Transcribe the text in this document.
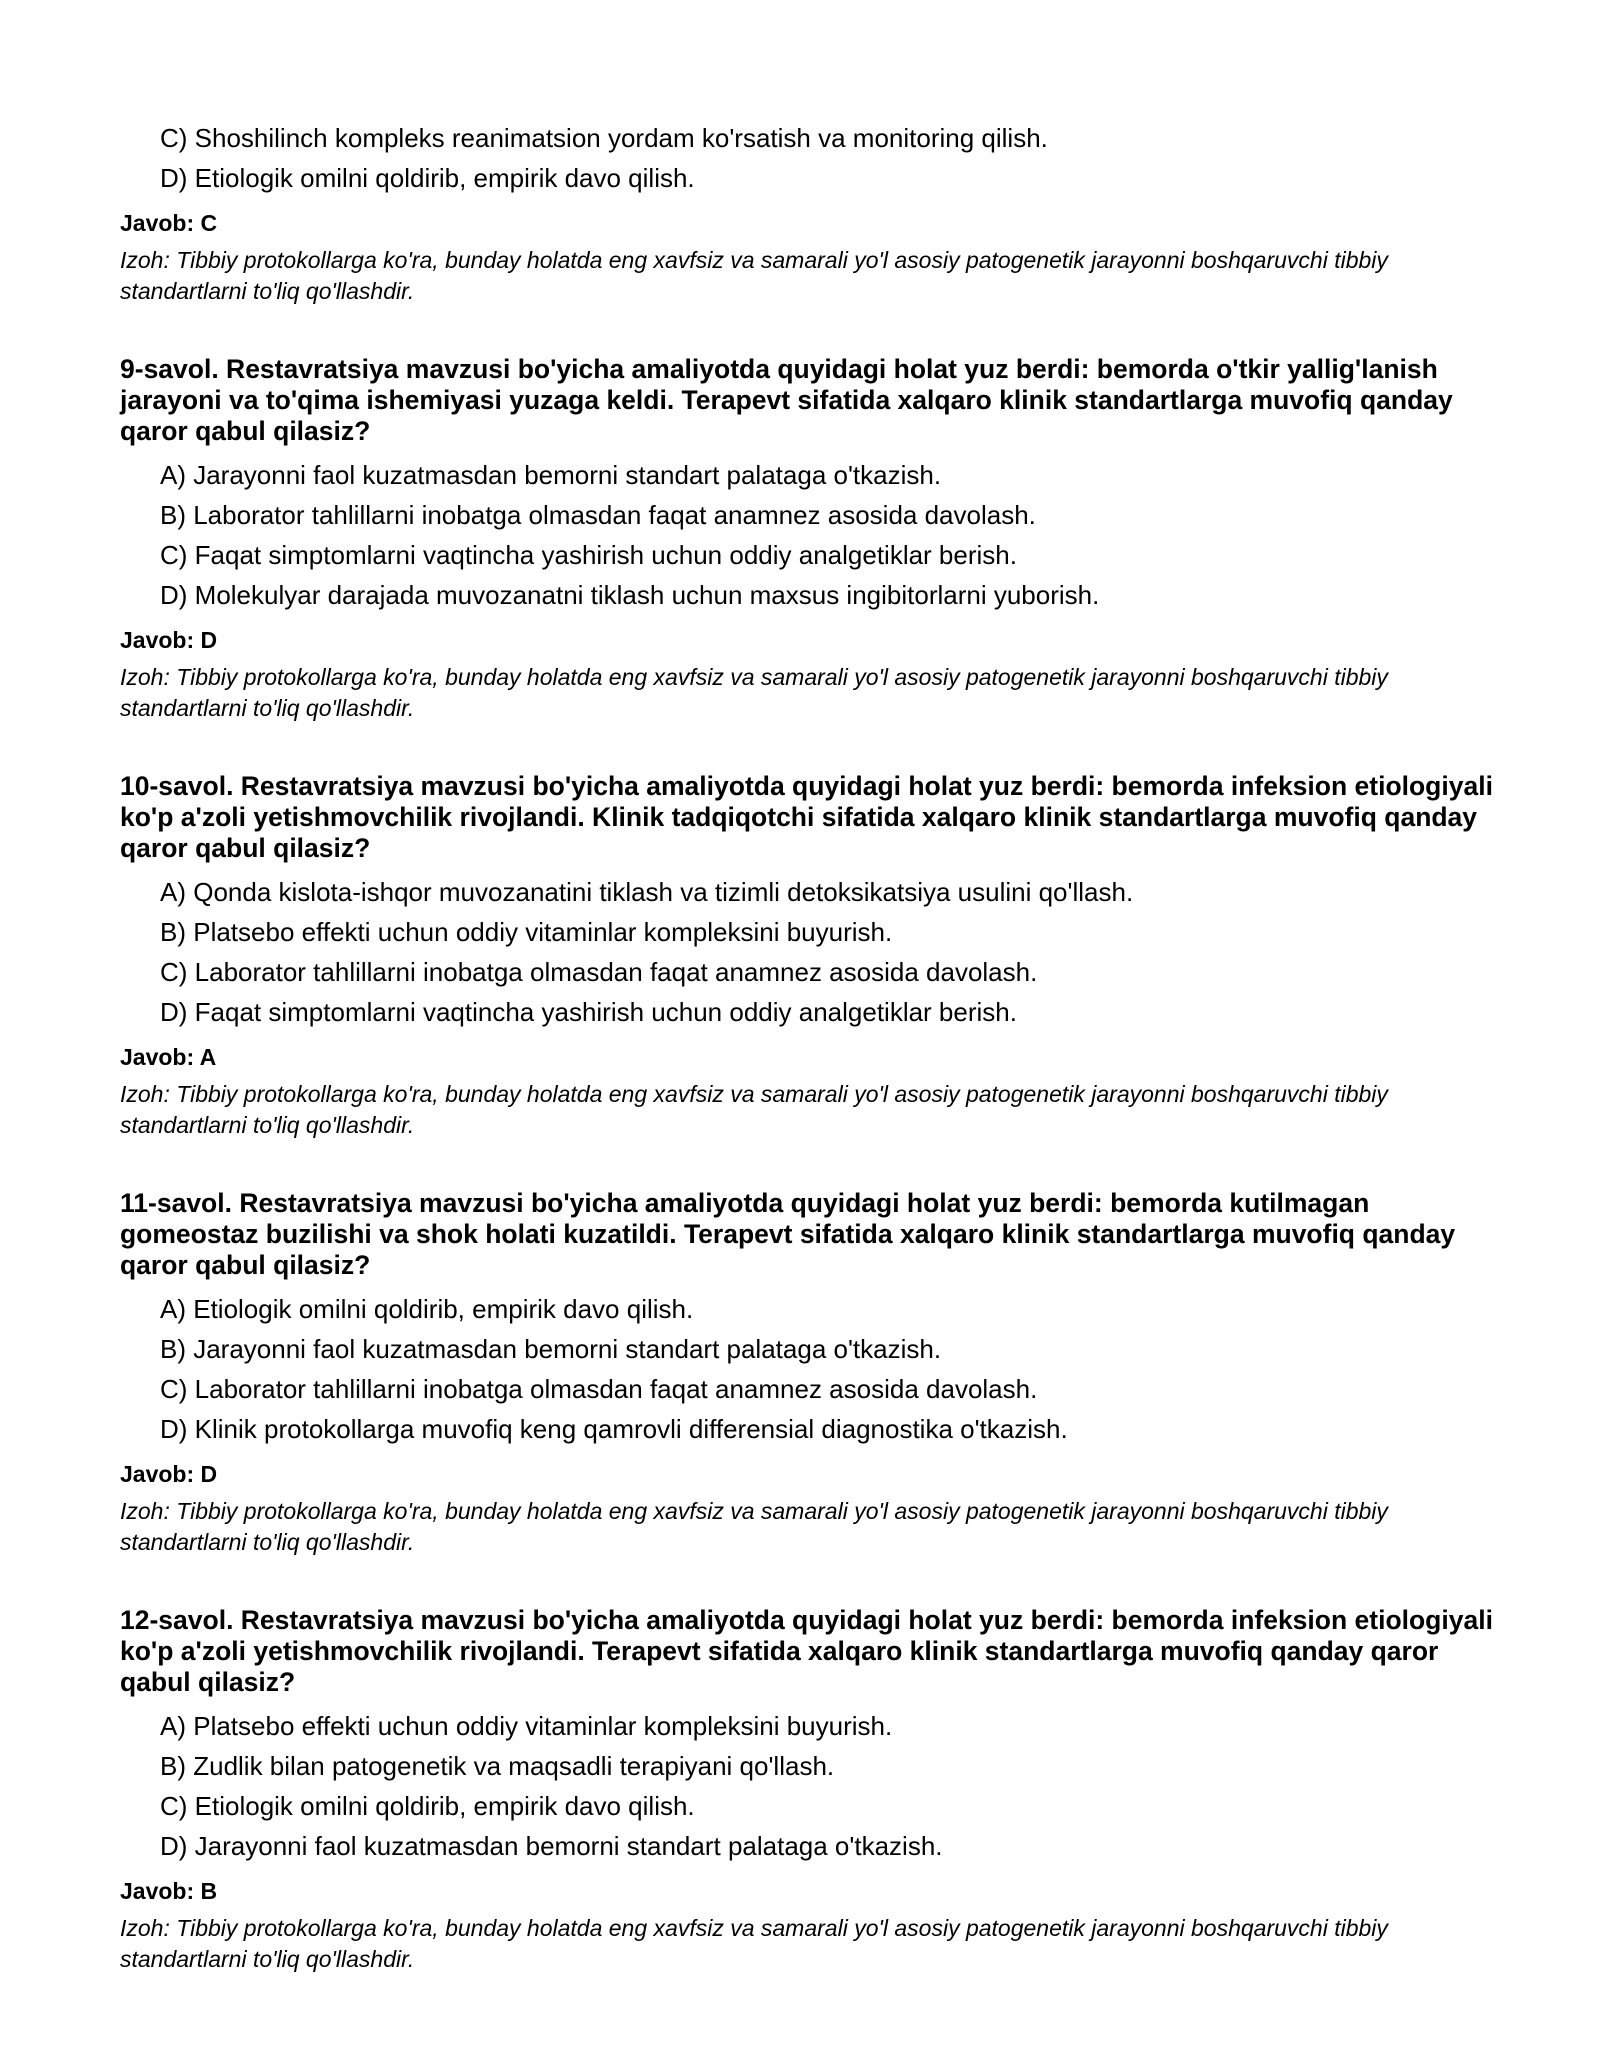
C) Shoshilinch kompleks reanimatsion yordam ko'rsatish va monitoring qilish.
D) Etiologik omilni qoldirib, empirik davo qilish.
Javob: C
Izoh: Tibbiy protokollarga ko'ra, bunday holatda eng xavfsiz va samarali yo'l asosiy patogenetik jarayonni boshqaruvchi tibbiy standartlarni to'liq qo'llashdir.
9-savol. Restavratsiya mavzusi bo'yicha amaliyotda quyidagi holat yuz berdi: bemorda o'tkir yallig'lanish jarayoni va to'qima ishemiyasi yuzaga keldi. Terapevt sifatida xalqaro klinik standartlarga muvofiq qanday qaror qabul qilasiz?
A) Jarayonni faol kuzatmasdan bemorni standart palataga o'tkazish.
B) Laborator tahlillarni inobatga olmasdan faqat anamnez asosida davolash.
C) Faqat simptomlarni vaqtincha yashirish uchun oddiy analgetiklar berish.
D) Molekulyar darajada muvozanatni tiklash uchun maxsus ingibitorlarni yuborish.
Javob: D
Izoh: Tibbiy protokollarga ko'ra, bunday holatda eng xavfsiz va samarali yo'l asosiy patogenetik jarayonni boshqaruvchi tibbiy standartlarni to'liq qo'llashdir.
10-savol. Restavratsiya mavzusi bo'yicha amaliyotda quyidagi holat yuz berdi: bemorda infeksion etiologiyali ko'p a'zoli yetishmovchilik rivojlandi. Klinik tadqiqotchi sifatida xalqaro klinik standartlarga muvofiq qanday qaror qabul qilasiz?
A) Qonda kislota-ishqor muvozanatini tiklash va tizimli detoksikatsiya usulini qo'llash.
B) Platsebo effekti uchun oddiy vitaminlar kompleksini buyurish.
C) Laborator tahlillarni inobatga olmasdan faqat anamnez asosida davolash.
D) Faqat simptomlarni vaqtincha yashirish uchun oddiy analgetiklar berish.
Javob: A
Izoh: Tibbiy protokollarga ko'ra, bunday holatda eng xavfsiz va samarali yo'l asosiy patogenetik jarayonni boshqaruvchi tibbiy standartlarni to'liq qo'llashdir.
11-savol. Restavratsiya mavzusi bo'yicha amaliyotda quyidagi holat yuz berdi: bemorda kutilmagan gomeostaz buzilishi va shok holati kuzatildi. Terapevt sifatida xalqaro klinik standartlarga muvofiq qanday qaror qabul qilasiz?
A) Etiologik omilni qoldirib, empirik davo qilish.
B) Jarayonni faol kuzatmasdan bemorni standart palataga o'tkazish.
C) Laborator tahlillarni inobatga olmasdan faqat anamnez asosida davolash.
D) Klinik protokollarga muvofiq keng qamrovli differensial diagnostika o'tkazish.
Javob: D
Izoh: Tibbiy protokollarga ko'ra, bunday holatda eng xavfsiz va samarali yo'l asosiy patogenetik jarayonni boshqaruvchi tibbiy standartlarni to'liq qo'llashdir.
12-savol. Restavratsiya mavzusi bo'yicha amaliyotda quyidagi holat yuz berdi: bemorda infeksion etiologiyali ko'p a'zoli yetishmovchilik rivojlandi. Terapevt sifatida xalqaro klinik standartlarga muvofiq qanday qaror qabul qilasiz?
A) Platsebo effekti uchun oddiy vitaminlar kompleksini buyurish.
B) Zudlik bilan patogenetik va maqsadli terapiyani qo'llash.
C) Etiologik omilni qoldirib, empirik davo qilish.
D) Jarayonni faol kuzatmasdan bemorni standart palataga o'tkazish.
Javob: B
Izoh: Tibbiy protokollarga ko'ra, bunday holatda eng xavfsiz va samarali yo'l asosiy patogenetik jarayonni boshqaruvchi tibbiy standartlarni to'liq qo'llashdir.
